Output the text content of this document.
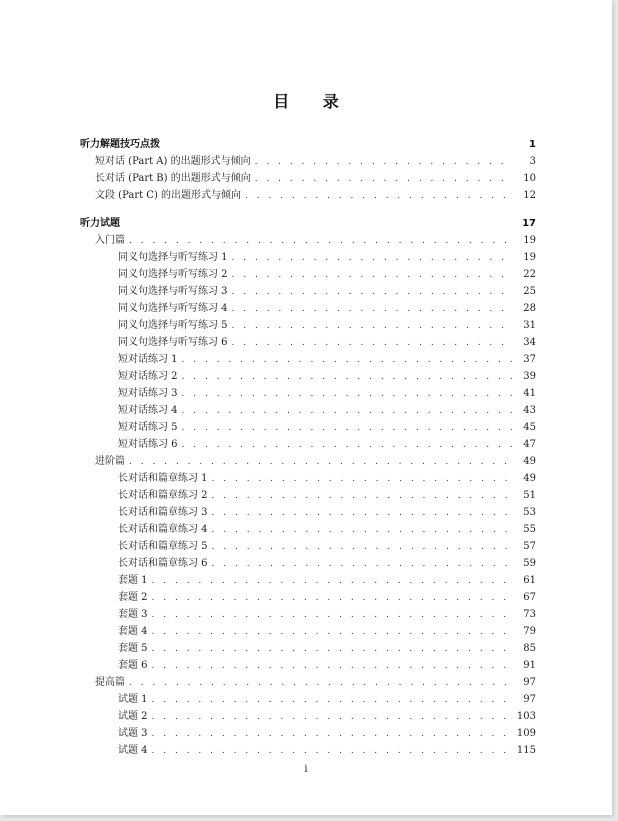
目 录
听力解题技巧点拨	1
短对话 (Part A) 的出题形式与倾向 . . .	3
长对话 (Part B) 的出题形式与倾向 . . .	10
文段 (Part C) 的出题形式与倾向 . . .	12
听力试题	17
入门篇 . . .	19
同义句选择与听写练习 1 . . .	19
同义句选择与听写练习 2 . . .	22
同义句选择与听写练习 3 . . .	25
同义句选择与听写练习 4 . . .	28
同义句选择与听写练习 5 . . .	31
同义句选择与听写练习 6 . . .	34
短对话练习 1 . . .	37
短对话练习 2 . . .	39
短对话练习 3 . . .	41
短对话练习 4 . . .	43
短对话练习 5 . . .	45
短对话练习 6 . . .	47
进阶篇 . . .	49
长对话和篇章练习 1 . . .	49
长对话和篇章练习 2 . . .	51
长对话和篇章练习 3 . . .	53
长对话和篇章练习 4 . . .	55
长对话和篇章练习 5 . . .	57
长对话和篇章练习 6 . . .	59
套题 1 . . .	61
套题 2 . . .	67
套题 3 . . .	73
套题 4 . . .	79
套题 5 . . .	85
套题 6 . . .	91
提高篇 . . .	97
试题 1 . . .	97
试题 2 . . .	103
试题 3 . . .	109
试题 4 . . .	115
i
